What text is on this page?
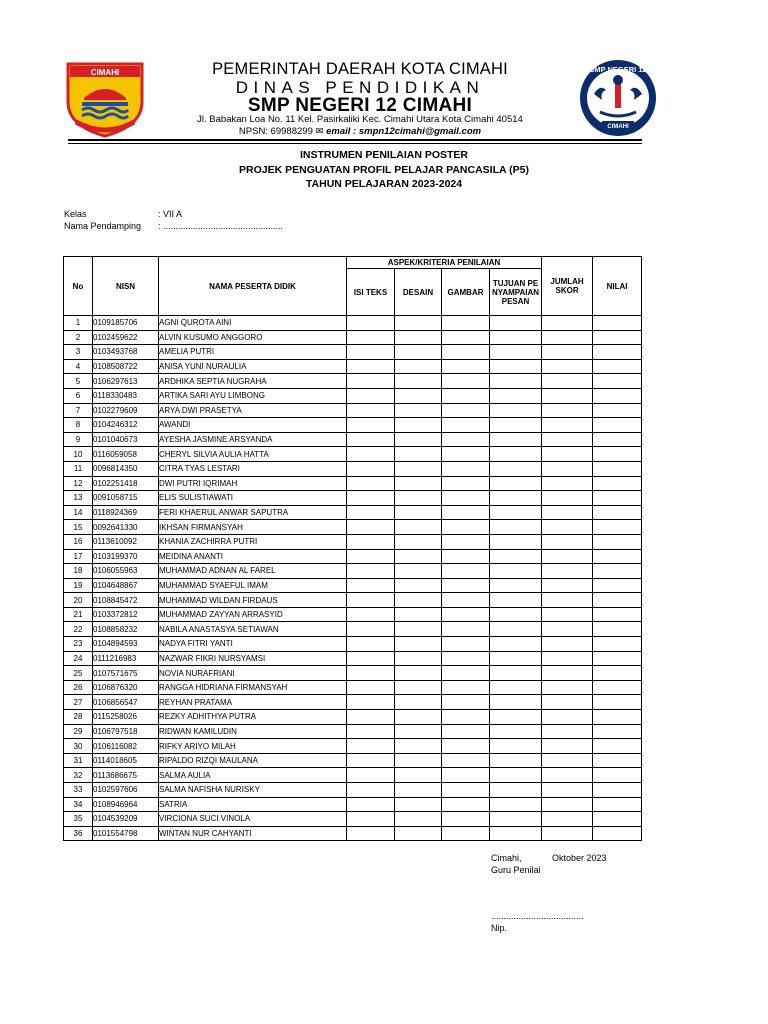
CIMAHI	PEMERINTAH DAERAH KOTA CIMAHI
DINAS PENDIDIKAN
SMP NEGERI 12 CIMAHI
Jl. Babakan Loa No. 11 Kel. Pasirkaliki Kec. Cimahi Utara Kota Cimahi 40514
NPSN: 69988299 ✉ email : smpn12cimahi@gmail.com
SMP NEGERI 12
CIMAHI
INSTRUMEN PENILAIAN POSTER
PROJEK PENGUATAN PROFIL PELAJAR PANCASILA (P5)
TAHUN PELAJARAN 2023-2024
Kelas	: VII A
Nama Pendamping : ................................................
No	NISN	NAMA PESERTA DIDIK	ASPEK/KRITERIA PENILAIAN				JUMLAH SKOR	NILAI
			ISI TEKS	DESAIN	GAMBAR	TUJUAN PENYAMPAIAN PESAN		
1	0109185706	AGNI QUROTA AINI						
2	0102459622	ALVIN KUSUMO ANGGORO						
3	0103493768	AMELIA PUTRI						
4	0108508722	ANISA YUNI NURAULIA						
5	0106297613	ARDHIKA SEPTIA NUGRAHA						
6	0118330483	ARTIKA SARI AYU LIMBONG						
7	0102279609	ARYA DWI PRASETYA						
8	0104246312	AWANDI						
9	0101040673	AYESHA JASMINE ARSYANDA						
10	0116059058	CHERYL SILVIA AULIA HATTA						
11	0096814350	CITRA TYAS LESTARI						
12	0102251418	DWI PUTRI IQRIMAH						
13	0091058715	ELIS SULISTIAWATI						
14	0118924369	FERI KHAERUL ANWAR SAPUTRA						
15	0092641330	IKHSAN FIRMANSYAH						
16	0113610092	KHANIA ZACHIRRA PUTRI						
17	0103199370	MEIDINA ANANTI						
18	0106055963	MUHAMMAD ADNAN AL FAREL						
19	0104648867	MUHAMMAD SYAEFUL IMAM						
20	0108845472	MUHAMMAD WILDAN FIRDAUS						
21	0103372812	MUHAMMAD ZAYYAN ARRASYID						
22	0108858232	NABILA ANASTASYA SETIAWAN						
23	0104894593	NADYA FITRI YANTI						
24	0111216983	NAZWAR FIKRI NURSYAMSI						
25	0107571675	NOVIA NURAFRIANI						
26	0106876320	RANGGA HIDRIANA FIRMANSYAH						
27	0106856547	REYHAN PRATAMA						
28	0115258026	REZKY ADHITHYA PUTRA						
29	0106797518	RIDWAN KAMILUDIN						
30	0106116082	RIFKY ARIYO MILAH						
31	0114018605	RIPALDO RIZQI MAULANA						
32	0113686675	SALMA AULIA						
33	0102597606	SALMA NAFISHA NURISKY						
34	0108946964	SATRIA						
35	0104539209	VIRCIONA SUCI VINOLA						
36	0101554798	WINTAN NUR CAHYANTI						
Cimahi,	Oktober 2023
Guru Penilai
.....................................
Nip.
